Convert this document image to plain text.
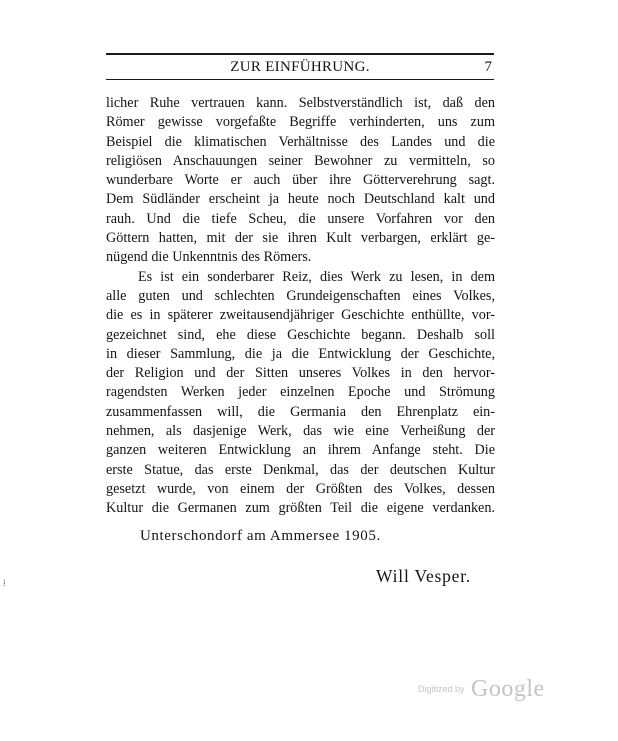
ZUR EINFÜHRUNG.	7
licher Ruhe vertrauen kann. Selbstverständlich ist, daß den
Römer gewisse vorgefaßte Begriffe verhinderten, uns zum
Beispiel die klimatischen Verhältnisse des Landes und die
religiösen Anschauungen seiner Bewohner zu vermitteln, so
wunderbare Worte er auch über ihre Götterverehrung sagt.
Dem Südländer erscheint ja heute noch Deutschland kalt und
rauh. Und die tiefe Scheu, die unsere Vorfahren vor den
Göttern hatten, mit der sie ihren Kult verbargen, erklärt ge-
nügend die Unkenntnis des Römers.
Es ist ein sonderbarer Reiz, dies Werk zu lesen, in dem
alle guten und schlechten Grundeigenschaften eines Volkes,
die es in späterer zweitausendjähriger Geschichte enthüllte, vor-
gezeichnet sind, ehe diese Geschichte begann. Deshalb soll
in dieser Sammlung, die ja die Entwicklung der Geschichte,
der Religion und der Sitten unseres Volkes in den hervor-
ragendsten Werken jeder einzelnen Epoche und Strömung
zusammenfassen will, die Germania den Ehrenplatz ein-
nehmen, als dasjenige Werk, das wie eine Verheißung der
ganzen weiteren Entwicklung an ihrem Anfange steht. Die
erste Statue, das erste Denkmal, das der deutschen Kultur
gesetzt wurde, von einem der Größten des Volkes, dessen
Kultur die Germanen zum größten Teil die eigene verdanken.
Unterschondorf am Ammersee 1905.
Will Vesper.
⁞
$^{Digitized by}$ Google
